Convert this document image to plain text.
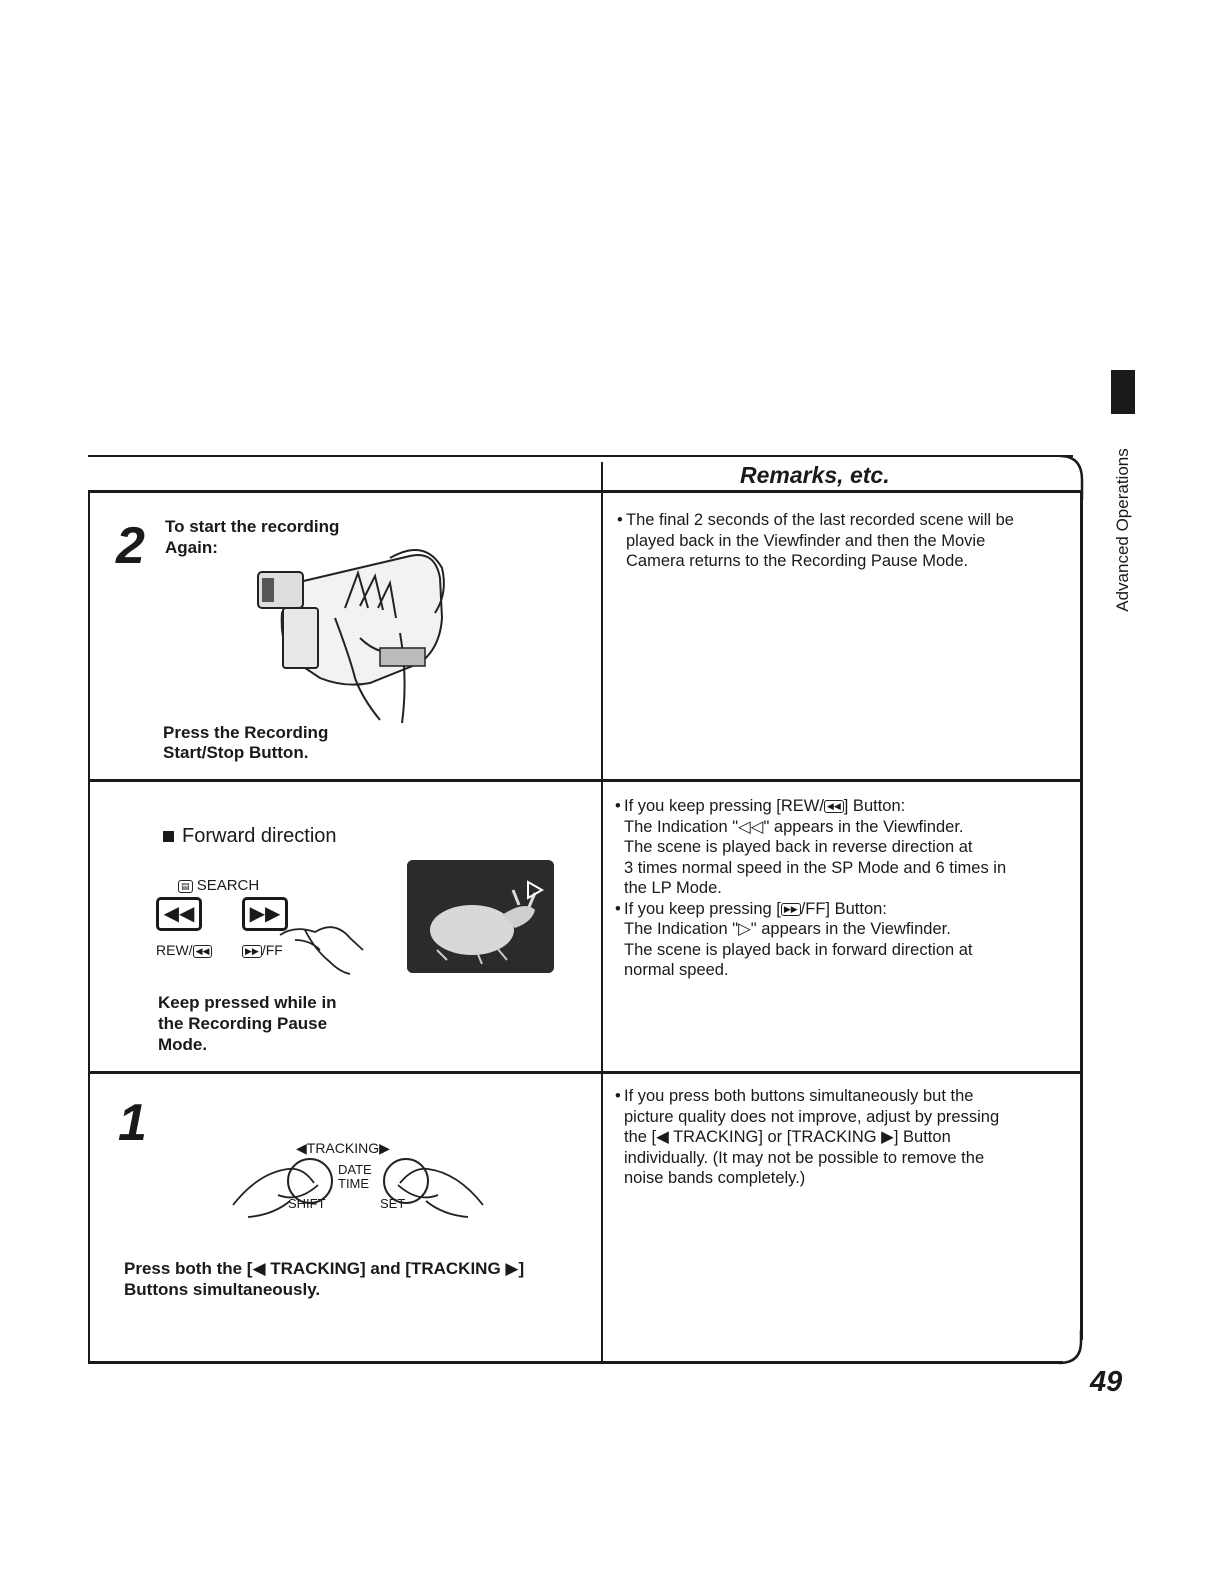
Advanced Operations
Remarks, etc.
2 To start the recording
Again:
Press the Recording
Start/Stop Button.
• The final 2 seconds of the last recorded scene will be
played back in the Viewfinder and then the Movie
Camera returns to the Recording Pause Mode.
Forward direction
▤ SEARCH
◀◀	▶▶
REW/ ◀◀	▶▶ /FF
Keep pressed while in
the Recording Pause
Mode.
• If you keep pressing [REW/ ◀◀ ] Button:
The Indication "◁◁" appears in the Viewfinder.
The scene is played back in reverse direction at
3 times normal speed in the SP Mode and 6 times in
the LP Mode.
• If you keep pressing [ ▶▶ /FF] Button:
The Indication "▷" appears in the Viewfinder.
The scene is played back in forward direction at
normal speed.
1	◀TRACKING▶
DATE
TIME
SHIFT	SET
Press both the [◀ TRACKING] and [TRACKING ▶]
Buttons simultaneously.
• If you press both buttons simultaneously but the
picture quality does not improve, adjust by pressing
the [◀ TRACKING] or [TRACKING ▶] Button
individually. (It may not be possible to remove the
noise bands completely.)
49
